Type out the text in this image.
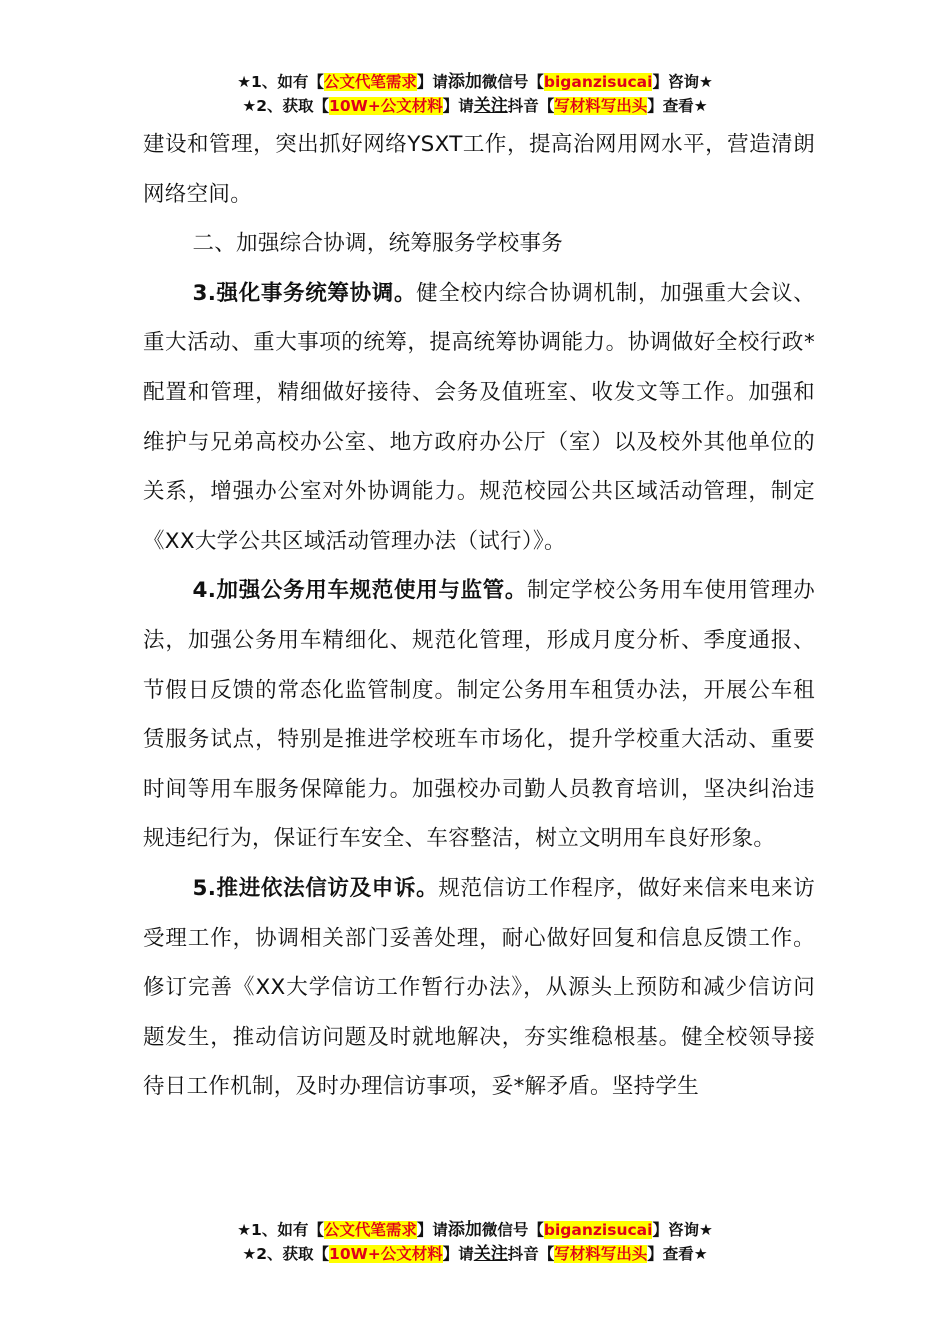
★1、如有【公文代笔需求】请添加微信号【biganzisucai】咨询★
★2、获取【10W+公文材料】请关注抖音【写材料写出头】查看★

建设和管理，突出抓好网络YSXT工作，提高治网用网水平，营造清朗网络空间。

二、加强综合协调，统筹服务学校事务

3.强化事务统筹协调。健全校内综合协调机制，加强重大会议、重大活动、重大事项的统筹，提高统筹协调能力。协调做好全校行政*配置和管理，精细做好接待、会务及值班室、收发文等工作。加强和维护与兄弟高校办公室、地方政府办公厅（室）以及校外其他单位的关系，增强办公室对外协调能力。规范校园公共区域活动管理，制定《XX大学公共区域活动管理办法（试行）》。

4.加强公务用车规范使用与监管。制定学校公务用车使用管理办法，加强公务用车精细化、规范化管理，形成月度分析、季度通报、节假日反馈的常态化监管制度。制定公务用车租赁办法，开展公车租赁服务试点，特别是推进学校班车市场化，提升学校重大活动、重要时间等用车服务保障能力。加强校办司勤人员教育培训，坚决纠治违规违纪行为，保证行车安全、车容整洁，树立文明用车良好形象。

5.推进依法信访及申诉。规范信访工作程序，做好来信来电来访受理工作，协调相关部门妥善处理，耐心做好回复和信息反馈工作。修订完善《XX大学信访工作暂行办法》，从源头上预防和减少信访问题发生，推动信访问题及时就地解决，夯实维稳根基。健全校领导接待日工作机制，及时办理信访事项，妥*解矛盾。坚持学生

★1、如有【公文代笔需求】请添加微信号【biganzisucai】咨询★
★2、获取【10W+公文材料】请关注抖音【写材料写出头】查看★
